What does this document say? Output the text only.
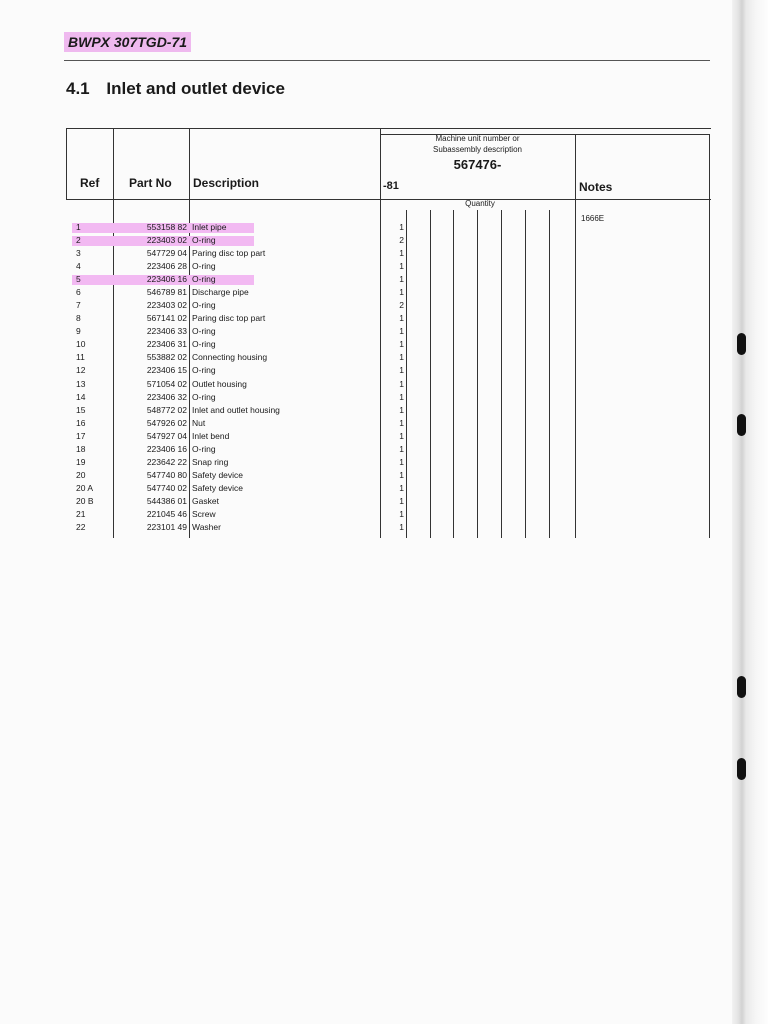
BWPX 307TGD-71
4.1 Inlet and outlet device
Ref Part No Description
Machine unit number or
Subassembly description
567476-
-81
Quantity
Notes
1666E
1	553158 82 Inlet pipe	1
2	223403 02 O-ring	2
3	547729 04 Paring disc top part	1
4	223406 28 O-ring	1
5	223406 16 O-ring	1
6	546789 81 Discharge pipe	1
7	223403 02 O-ring	2
8	567141 02 Paring disc top part	1
9	223406 33 O-ring	1
10	223406 31 O-ring	1
11	553882 02 Connecting housing	1
12	223406 15 O-ring	1
13	571054 02 Outlet housing	1
14	223406 32 O-ring	1
15	548772 02 Inlet and outlet housing	1
16	547926 02 Nut	1
17	547927 04 Inlet bend	1
18	223406 16 O-ring	1
19	223642 22 Snap ring	1
20	547740 80 Safety device	1
20 A	547740 02 Safety device	1
20 B	544386 01 Gasket	1
21	221045 46 Screw	1
22	223101 49 Washer	1
